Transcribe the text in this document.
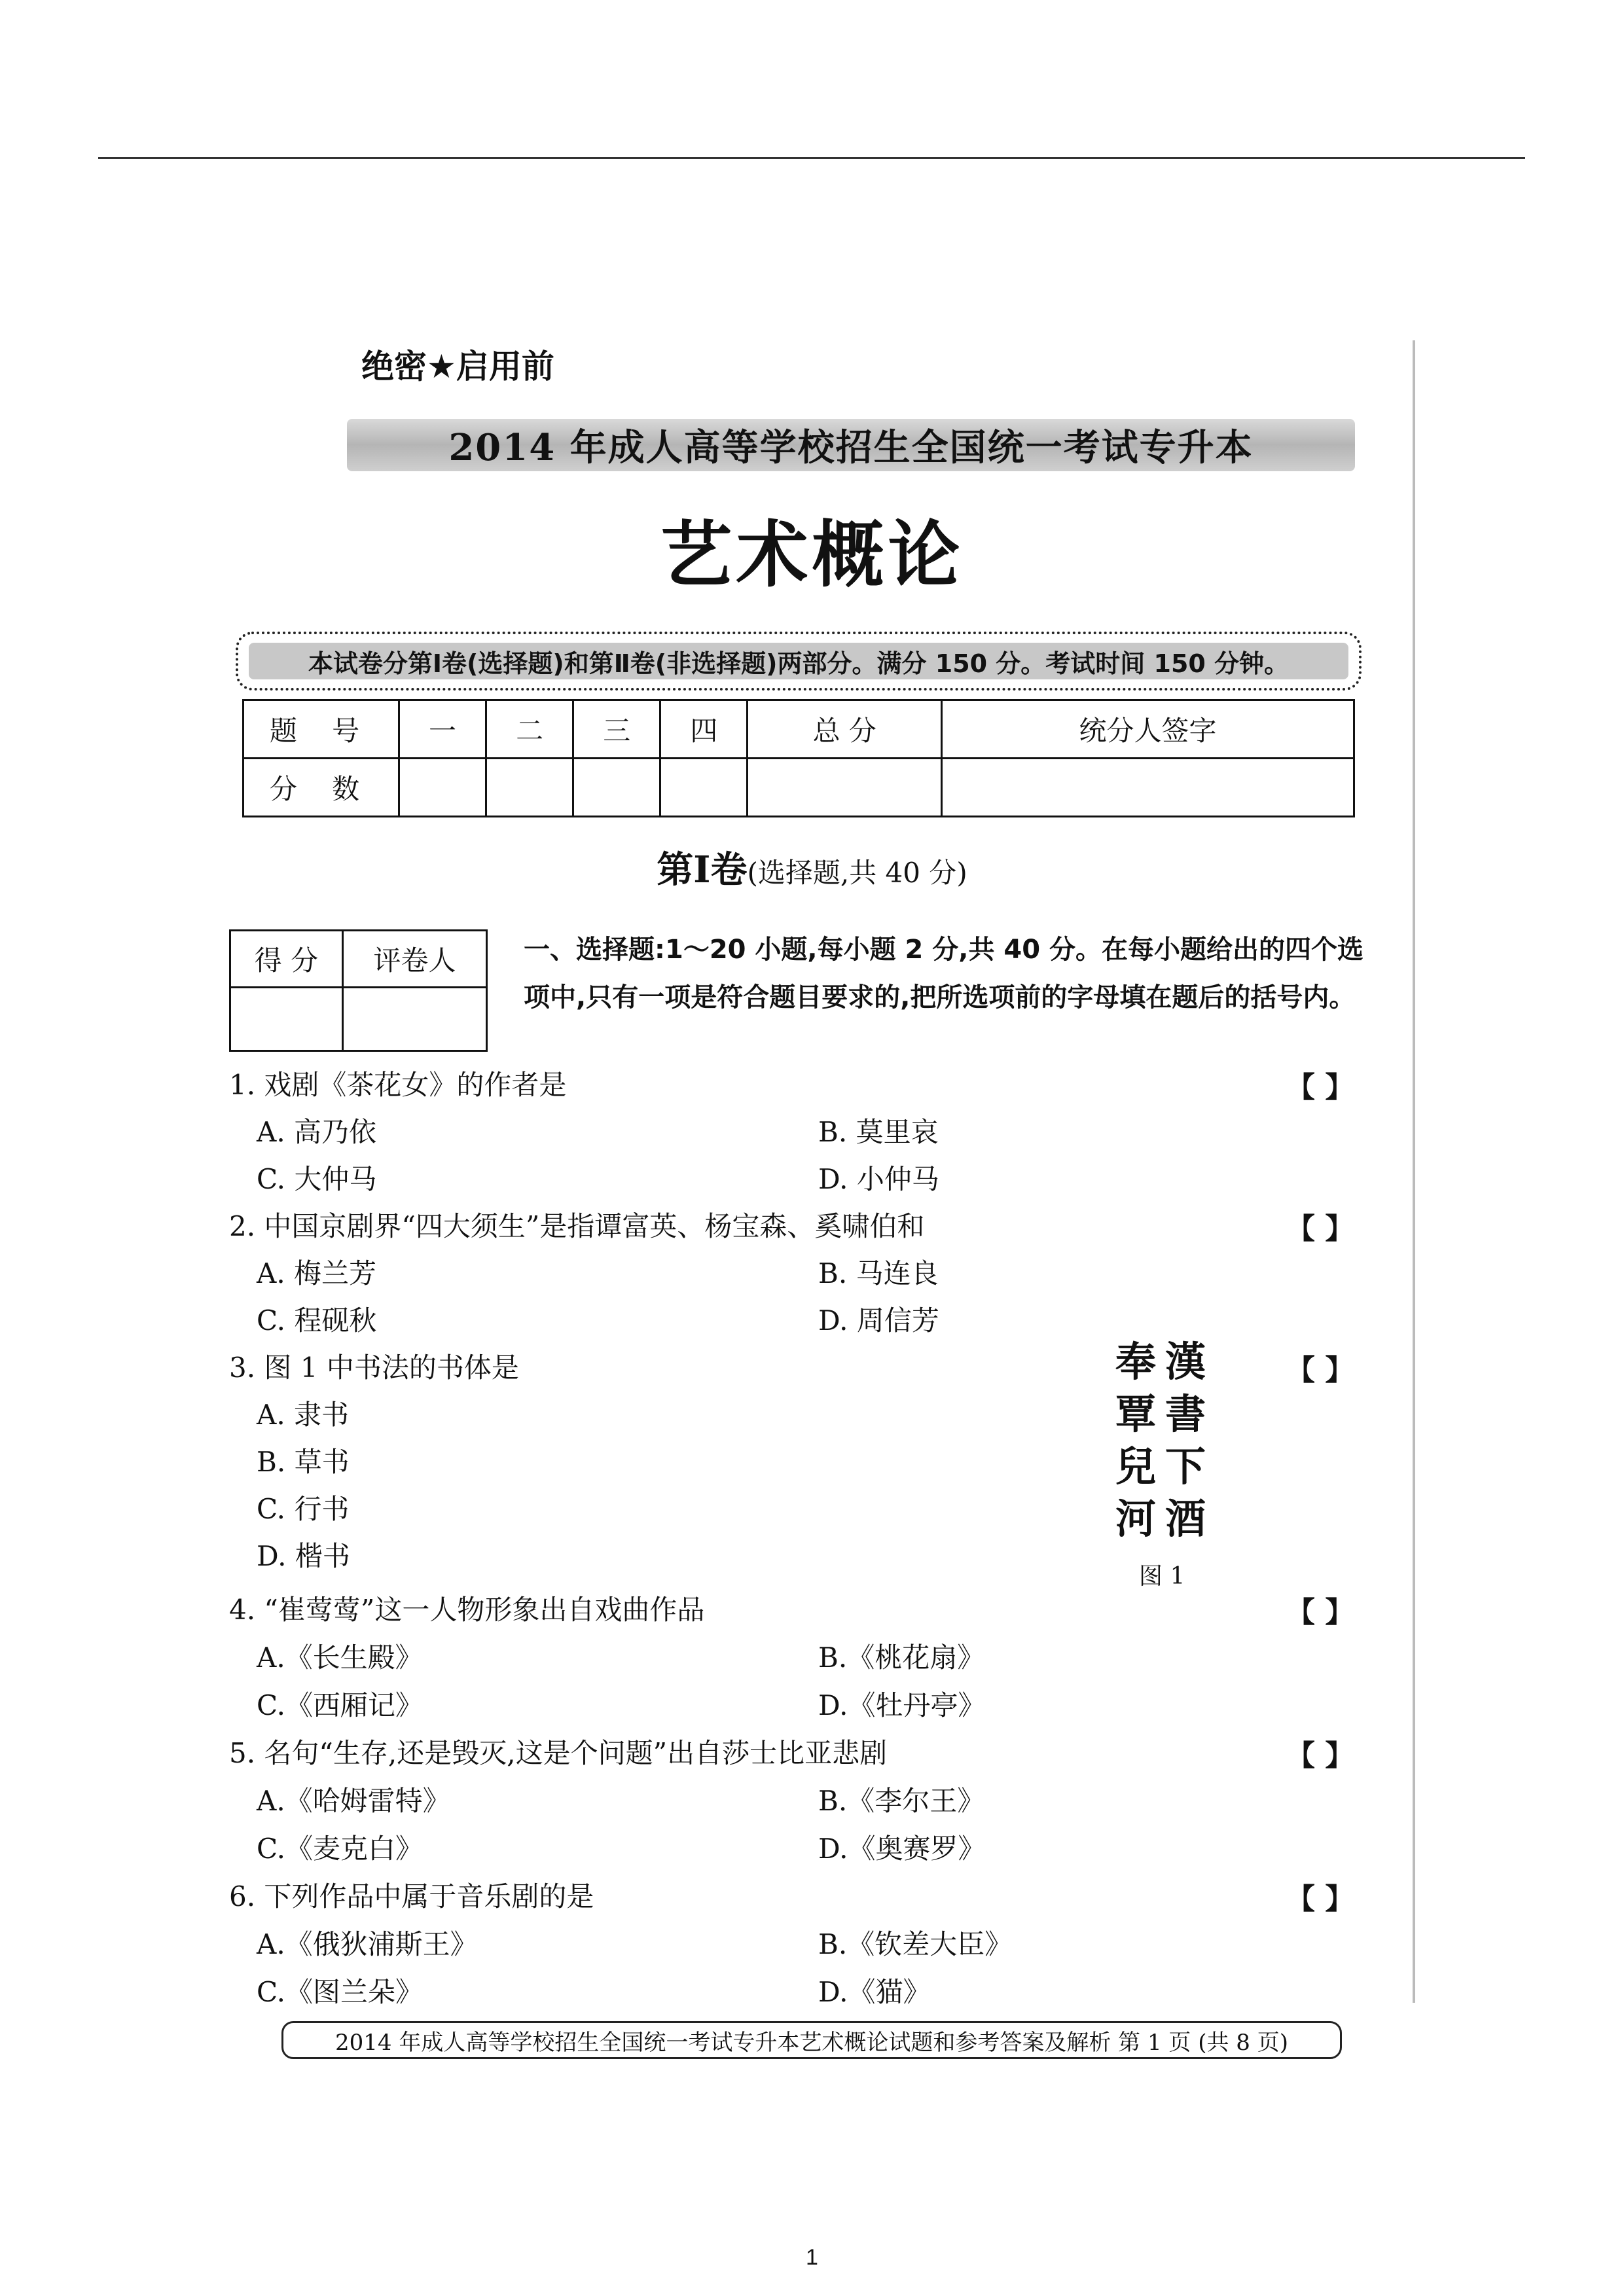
绝密★启用前
2014 年成人高等学校招生全国统一考试专升本
艺术概论
本试卷分第Ⅰ卷(选择题)和第Ⅱ卷(非选择题)两部分。满分 150 分。考试时间 150 分钟。
题 号	一	二	三	四	总 分	统分人签字
分 数						
第Ⅰ卷(选择题,共 40 分)
得 分	评卷人
		一、选择题:1～20 小题,每小题 2 分,共 40 分。在每小题给出的四个选项中,只有一项是符合题目要求的,把所选项前的字母填在题后的括号内。
1. 戏剧《茶花女》的作者是	【 】
A. 高乃依	B. 莫里哀
C. 大仲马	D. 小仲马
2. 中国京剧界“四大须生”是指谭富英、杨宝森、奚啸伯和	【 】
A. 梅兰芳	B. 马连良
C. 程砚秋	D. 周信芳
3. 图 1 中书法的书体是	【 】
A. 隶书
B. 草书
C. 行书
D. 楷书
漢
書
下
酒
奉
覃
兒
河
图 1
4. “崔莺莺”这一人物形象出自戏曲作品	【 】
A.《长生殿》	B.《桃花扇》
C.《西厢记》	D.《牡丹亭》
5. 名句“生存,还是毁灭,这是个问题”出自莎士比亚悲剧	【 】
A.《哈姆雷特》	B.《李尔王》
C.《麦克白》	D.《奥赛罗》
6. 下列作品中属于音乐剧的是	【 】
A.《俄狄浦斯王》	B.《钦差大臣》
C.《图兰朵》	D.《猫》
2014 年成人高等学校招生全国统一考试专升本艺术概论试题和参考答案及解析 第 1 页 (共 8 页)
1
